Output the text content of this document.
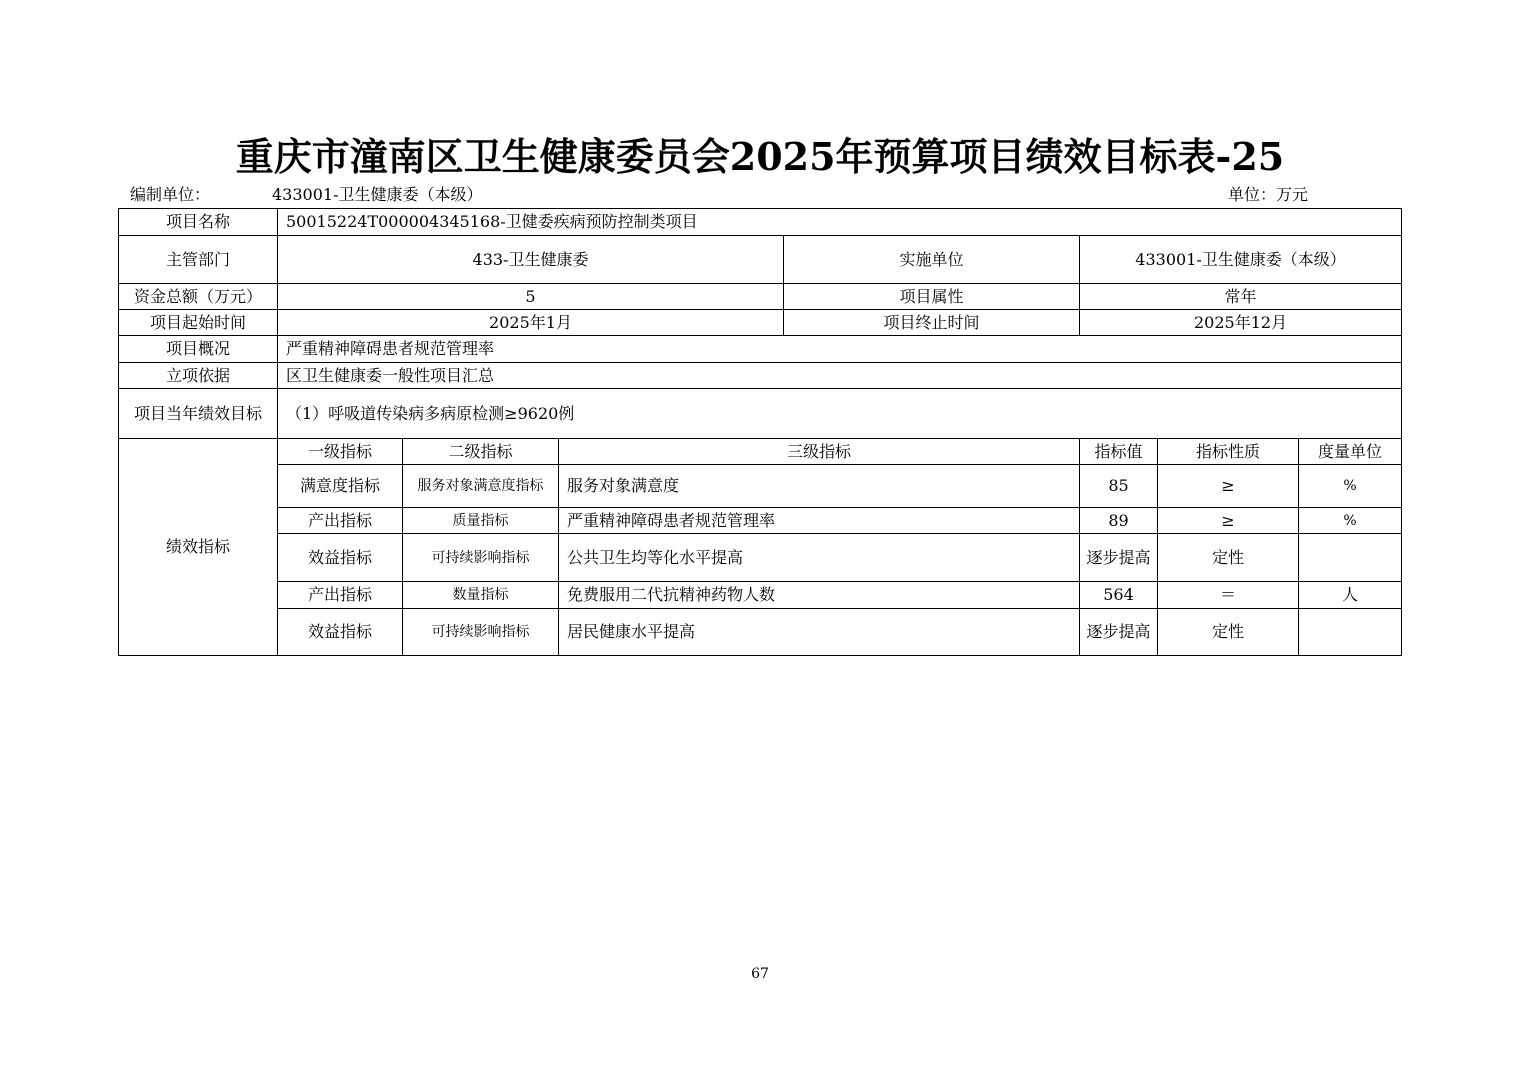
重庆市潼南区卫生健康委员会2025年预算项目绩效目标表-25
编制单位：	433001-卫生健康委（本级）	单位：万元
项目名称	50015224T000004345168-卫健委疾病预防控制类项目						
主管部门	433-卫生健康委			实施单位	433001-卫生健康委（本级）		
资金总额（万元）	5			项目属性	常年		
项目起始时间	2025年1月			项目终止时间	2025年12月		
项目概况	严重精神障碍患者规范管理率						
立项依据	区卫生健康委一般性项目汇总						
项目当年绩效目标	（1）呼吸道传染病多病原检测≥9620例						
绩效指标	一级指标	二级指标	三级指标		指标值	指标性质	度量单位
	满意度指标	服务对象满意度指标	服务对象满意度		85	≥	%
	产出指标	质量指标	严重精神障碍患者规范管理率		89	≥	%
	效益指标	可持续影响指标	公共卫生均等化水平提高		逐步提高	定性	
	产出指标	数量指标	免费服用二代抗精神药物人数		564	＝	人
	效益指标	可持续影响指标	居民健康水平提高		逐步提高	定性	
67
